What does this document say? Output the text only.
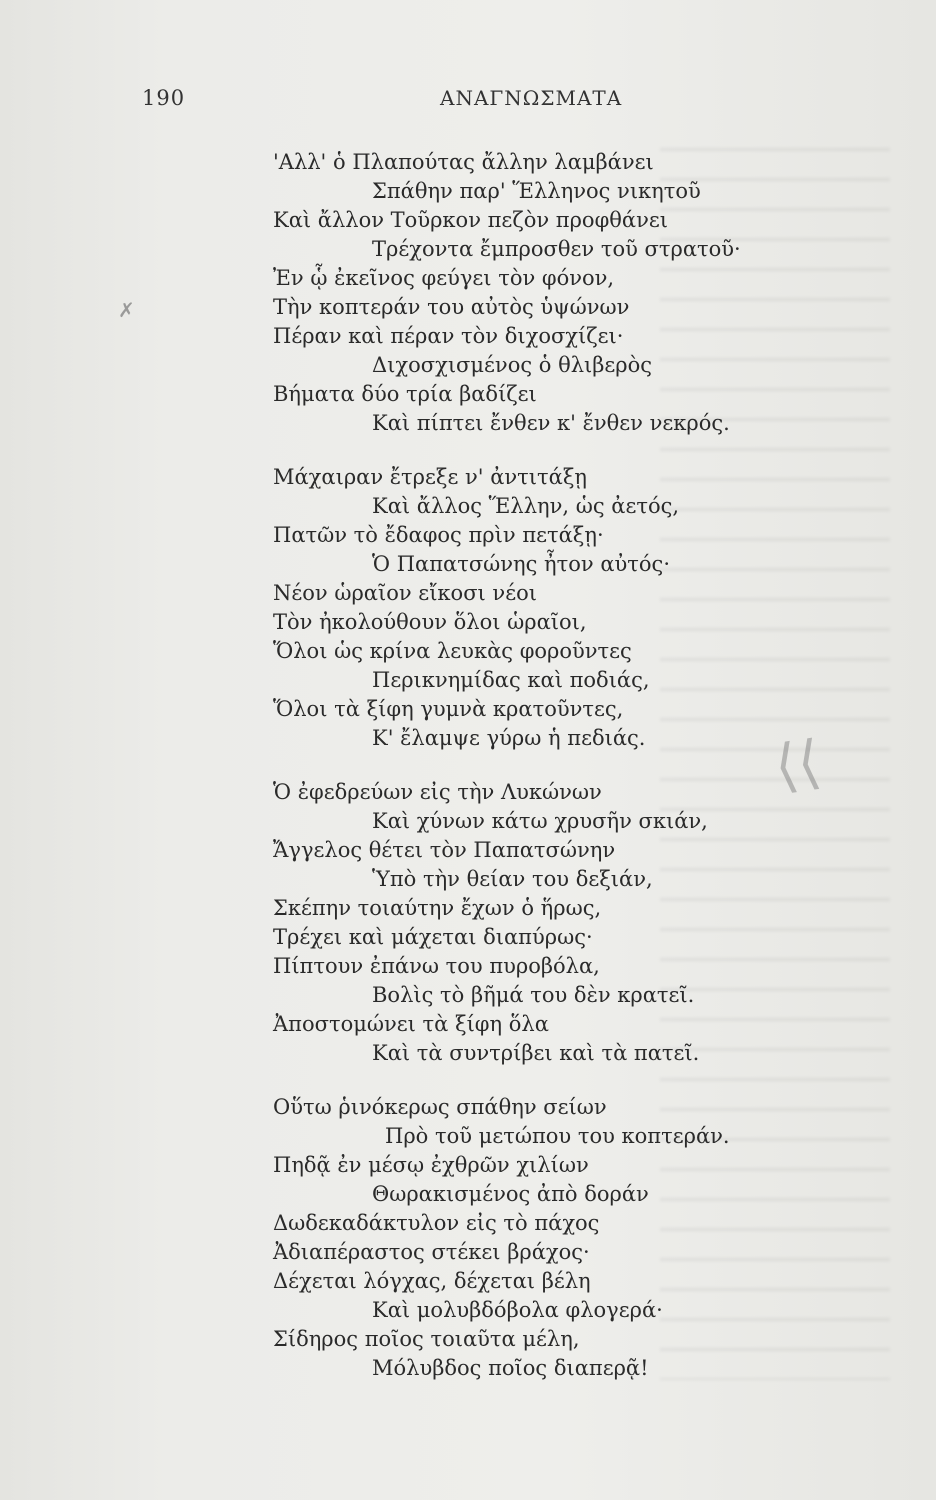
⟨⟨
✗
190	ΑΝΑΓΝΩΣΜΑΤΑ
'Αλλ' ὁ Πλαπούτας ἄλλην λαμβάνει
Σπάθην παρ' Ἕλληνος νικητοῦ
Καὶ ἄλλον Τοῦρκον πεζὸν προφθάνει
Τρέχοντα ἔμπροσθεν τοῦ στρατοῦ·
Ἐν ᾧ ἐκεῖνος φεύγει τὸν φόνον,
Τὴν κοπτεράν του αὐτὸς ὑψώνων
Πέραν καὶ πέραν τὸν διχοσχίζει·
Διχοσχισμένος ὁ θλιβερὸς
Βήματα δύο τρία βαδίζει
Καὶ πίπτει ἔνθεν κ' ἔνθεν νεκρός.
Μάχαιραν ἔτρεξε ν' ἀντιτάξῃ
Καὶ ἄλλος Ἕλλην, ὡς ἀετός,
Πατῶν τὸ ἔδαφος πρὶν πετάξῃ·
Ὁ Παπατσώνης ἦτον αὐτός·
Νέον ὡραῖον εἴκοσι νέοι
Τὸν ἠκολούθουν ὅλοι ὡραῖοι,
Ὅλοι ὡς κρίνα λευκὰς φοροῦντες
Περικνημίδας καὶ ποδιάς,
Ὅλοι τὰ ξίφη γυμνὰ κρατοῦντες,
Κ' ἔλαμψε γύρω ἡ πεδιάς.
Ὁ ἐφεδρεύων εἰς τὴν Λυκώνων
Καὶ χύνων κάτω χρυσῆν σκιάν,
Ἄγγελος θέτει τὸν Παπατσώνην
Ὑπὸ τὴν θείαν του δεξιάν,
Σκέπην τοιαύτην ἔχων ὁ ἥρως,
Τρέχει καὶ μάχεται διαπύρως·
Πίπτουν ἐπάνω του πυροβόλα,
Βολὶς τὸ βῆμά του δὲν κρατεῖ.
Ἀποστομώνει τὰ ξίφη ὅλα
Καὶ τὰ συντρίβει καὶ τὰ πατεῖ.
Οὕτω ῥινόκερως σπάθην σείων
Πρὸ τοῦ μετώπου του κοπτεράν.
Πηδᾷ ἐν μέσῳ ἐχθρῶν χιλίων
Θωρακισμένος ἀπὸ δοράν
Δωδεκαδάκτυλον εἰς τὸ πάχος
Ἀδιαπέραστος στέκει βράχος·
Δέχεται λόγχας, δέχεται βέλη
Καὶ μολυβδόβολα φλογερά·
Σίδηρος ποῖος τοιαῦτα μέλη,
Μόλυβδος ποῖος διαπερᾷ!
